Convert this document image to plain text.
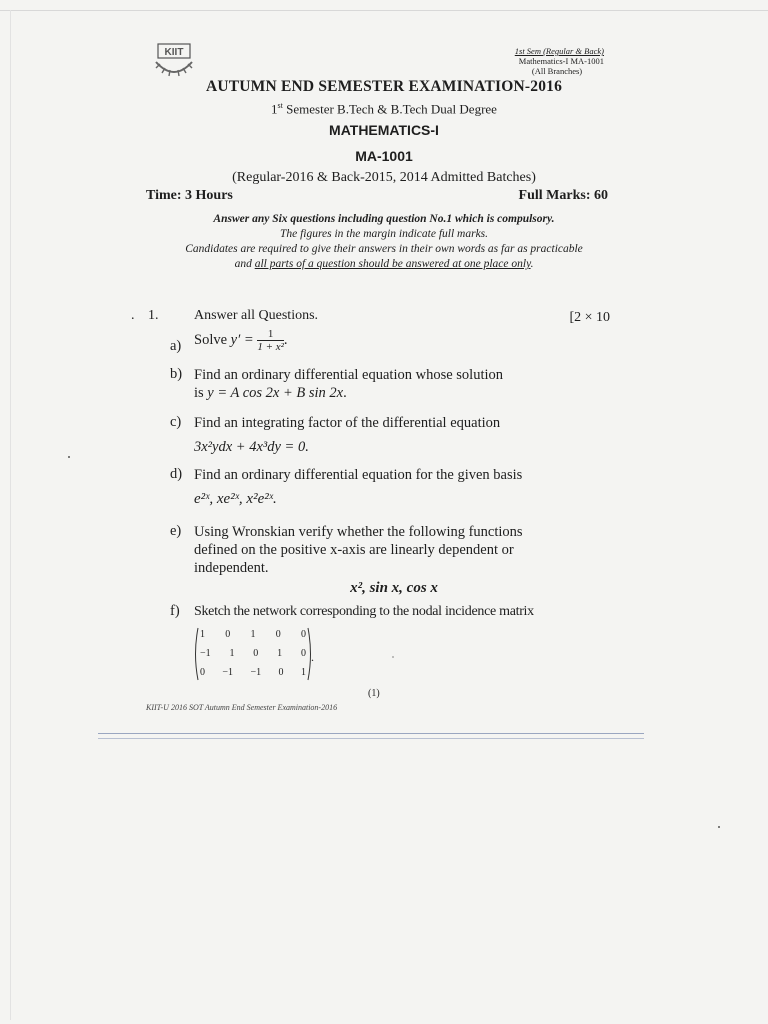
KIIT	1st Sem (Regular & Back)
Mathematics-I MA-1001
(All Branches)
AUTUMN END SEMESTER EXAMINATION-2016
1st Semester B.Tech & B.Tech Dual Degree
MATHEMATICS-I
MA-1001
(Regular-2016 & Back-2015, 2014 Admitted Batches)
Time: 3 Hours	Full Marks: 60
Answer any Six questions including question No.1 which is compulsory.
The figures in the margin indicate full marks.
Candidates are required to give their answers in their own words as far as practicable
and all parts of a question should be answered at one place only.
. 1.	Answer all Questions.	[2 × 10
a) Solve $y' = \frac{1}{\text{1 + x²}}$ .
b) Find an ordinary differential equation whose solution
is y = A cos 2x + B sin 2x.
c) Find an integrating factor of the differential equation
3x²ydx + 4x³dy = 0.
d) Find an ordinary differential equation for the given basis
e²ˣ, xe²ˣ, x²e²ˣ.
e) Using Wronskian verify whether the following functions
defined on the positive x-axis are linearly dependent or
independent.
x², sin x, cos x
f) Sketch the network corresponding to the nodal incidence matrix
1 0 1 0 0
−1 1 0 1 0
0 −1 −1 0 1
.
(1)
KIIT-U 2016 SOT Autumn End Semester Examination-2016
